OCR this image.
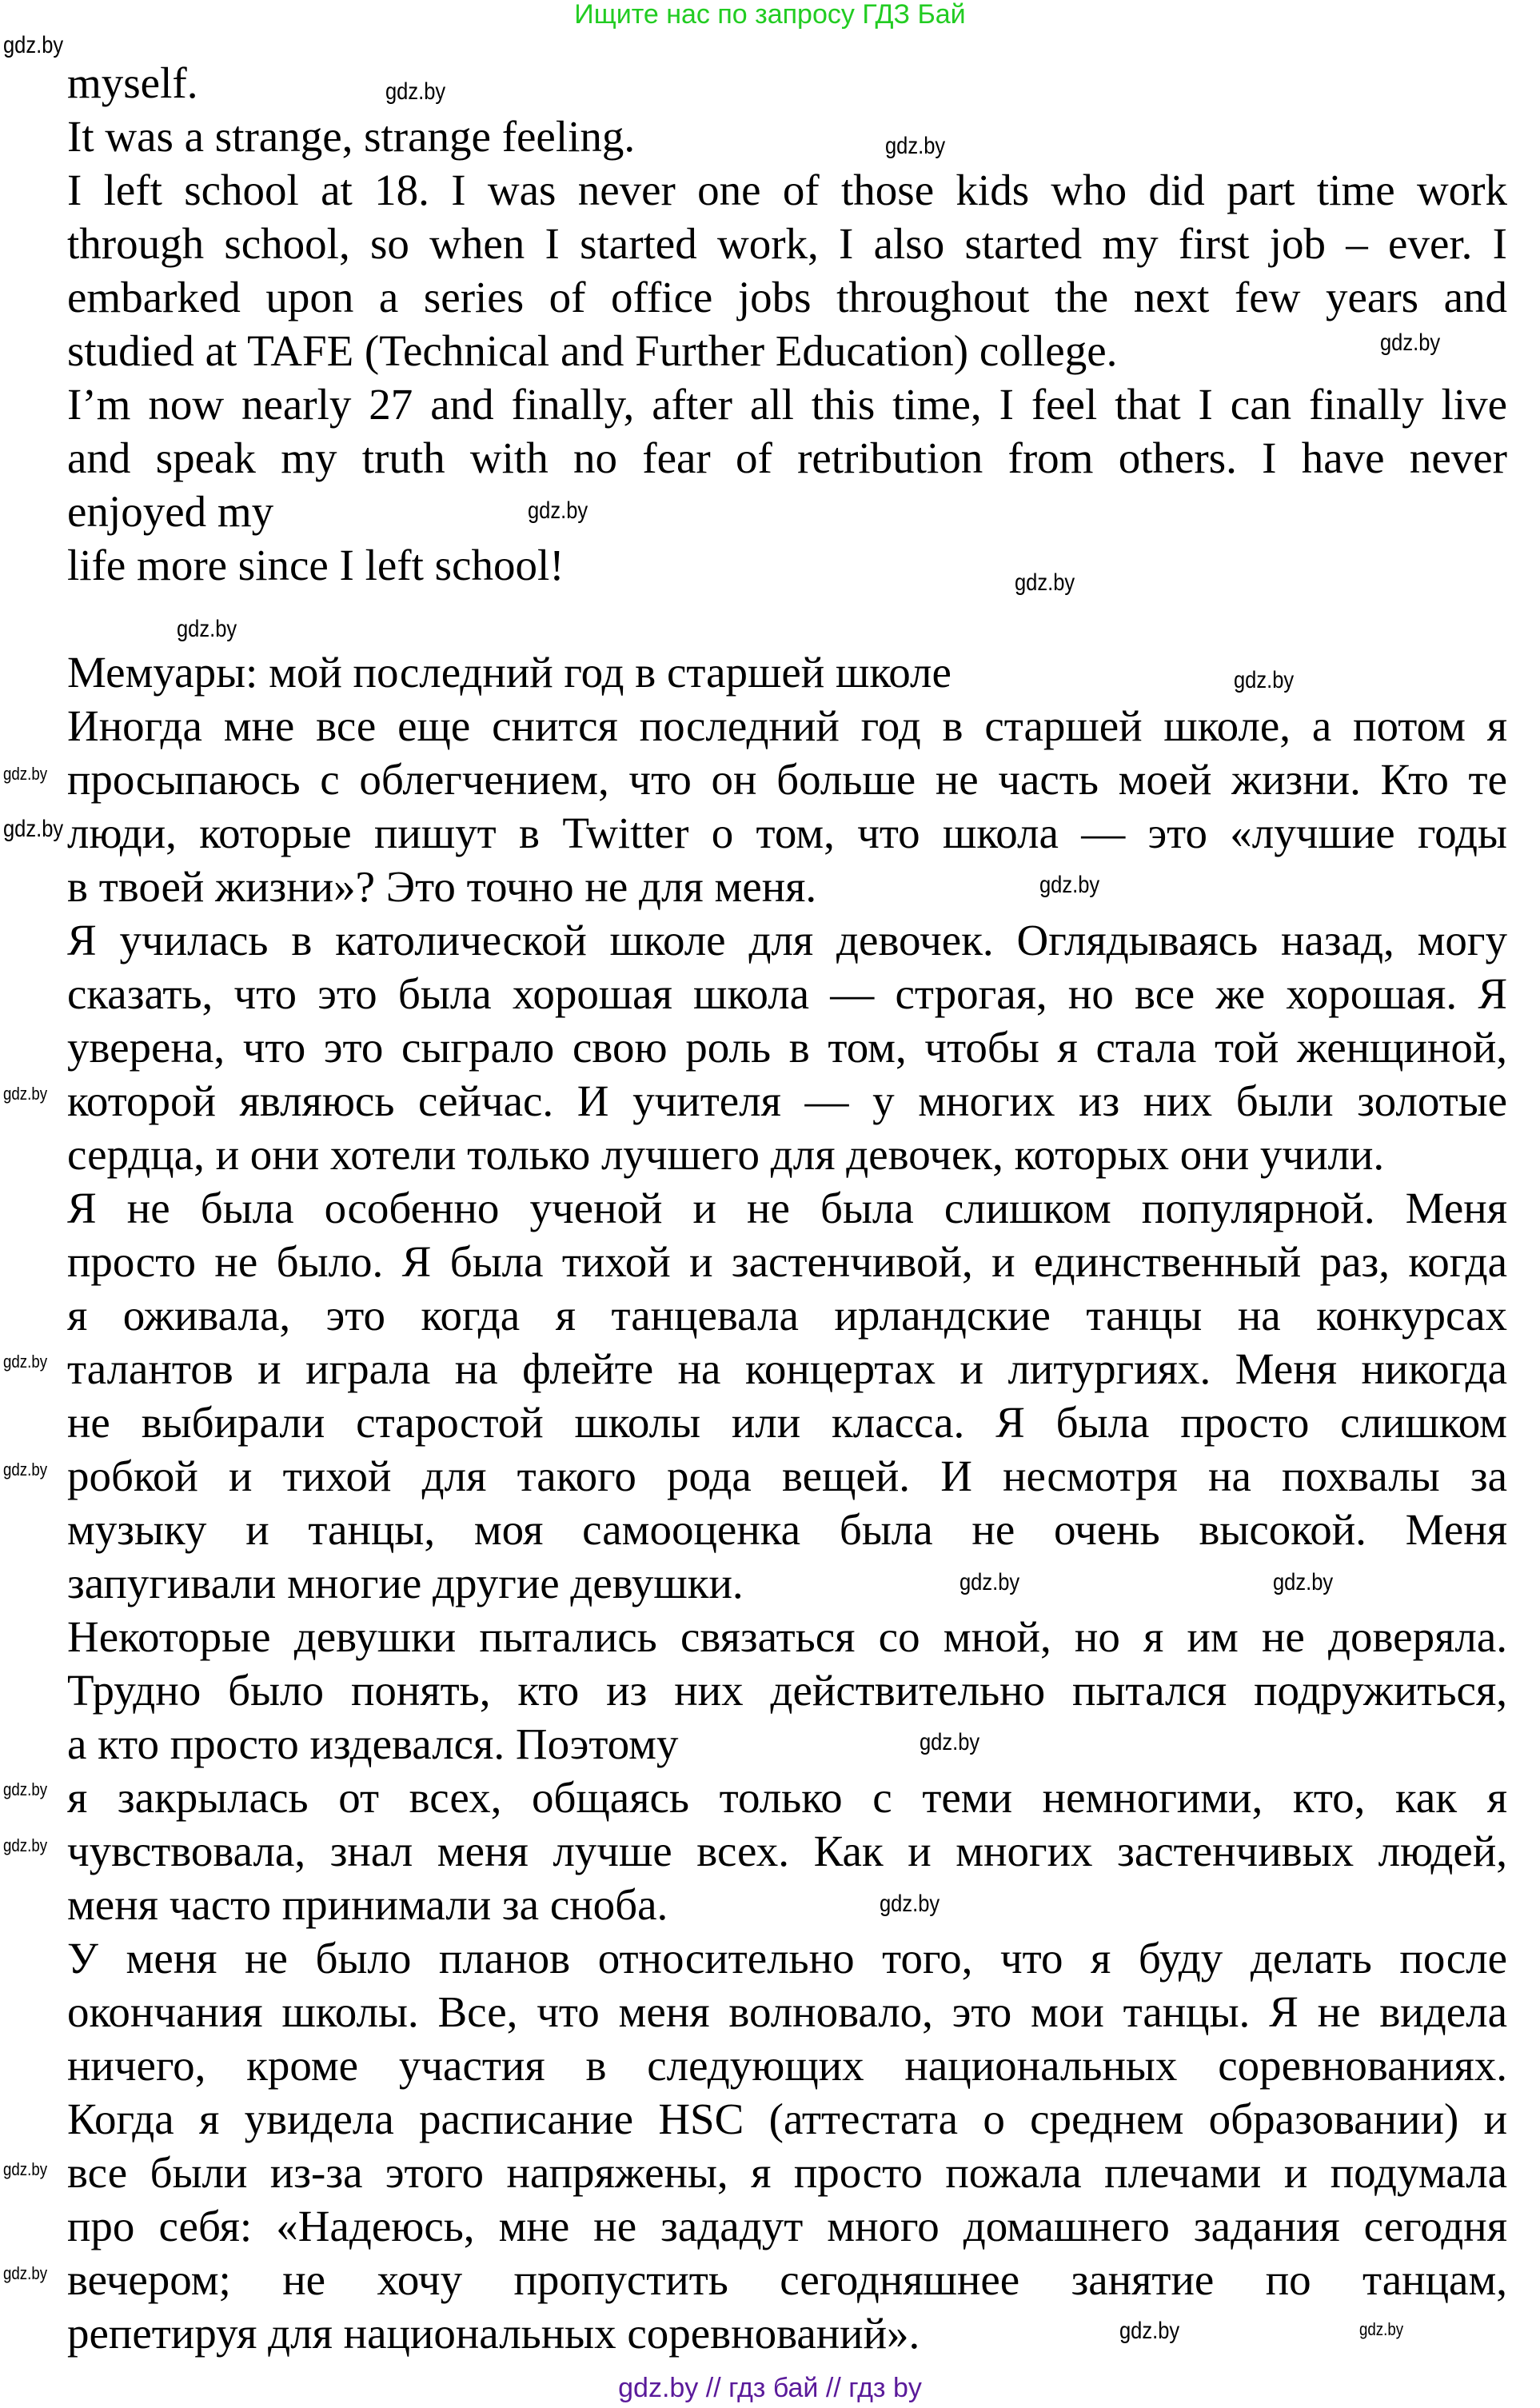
Ищите нас по запросу ГДЗ Бай
myself.
It was a strange, strange feeling.
I left school at 18. I was never one of those kids who did part time work
through school, so when I started work, I also started my first job – ever. I
embarked upon a series of office jobs throughout the next few years and
studied at TAFE (Technical and Further Education) college.
I’m now nearly 27 and finally, after all this time, I feel that I can finally live
and speak my truth with no fear of retribution from others. I have never
enjoyed my
life more since I left school!
Мемуары: мой последний год в старшей школе
Иногда мне все еще снится последний год в старшей школе, а потом я
просыпаюсь с облегчением, что он больше не часть моей жизни. Кто те
люди, которые пишут в Twitter о том, что школа — это «лучшие годы
в твоей жизни»? Это точно не для меня.
Я училась в католической школе для девочек. Оглядываясь назад, могу
сказать, что это была хорошая школа — строгая, но все же хорошая. Я
уверена, что это сыграло свою роль в том, чтобы я стала той женщиной,
которой являюсь сейчас. И учителя — у многих из них были золотые
сердца, и они хотели только лучшего для девочек, которых они учили.
Я не была особенно ученой и не была слишком популярной. Меня
просто не было. Я была тихой и застенчивой, и единственный раз, когда
я оживала, это когда я танцевала ирландские танцы на конкурсах
талантов и играла на флейте на концертах и литургиях. Меня никогда
не выбирали старостой школы или класса. Я была просто слишком
робкой и тихой для такого рода вещей. И несмотря на похвалы за
музыку и танцы, моя самооценка была не очень высокой. Меня
запугивали многие другие девушки.
Некоторые девушки пытались связаться со мной, но я им не доверяла.
Трудно было понять, кто из них действительно пытался подружиться,
а кто просто издевался. Поэтому
я закрылась от всех, общаясь только с теми немногими, кто, как я
чувствовала, знал меня лучше всех. Как и многих застенчивых людей,
меня часто принимали за сноба.
У меня не было планов относительно того, что я буду делать после
окончания школы. Все, что меня волновало, это мои танцы. Я не видела
ничего, кроме участия в следующих национальных соревнованиях.
Когда я увидела расписание HSC (аттестата о среднем образовании) и
все были из-за этого напряжены, я просто пожала плечами и подумала
про себя: «Надеюсь, мне не зададут много домашнего задания сегодня
вечером; не хочу пропустить сегодняшнее занятие по танцам,
репетируя для национальных соревнований».
gdz.by
gdz.by
gdz.by
gdz.by
gdz.by
gdz.by
gdz.by
gdz.by
gdz.by
gdz.by
gdz.by
gdz.by
gdz.by
gdz.by
gdz.by	gdz.by
gdz.by
gdz.by
gdz.by
gdz.by
gdz.by
gdz.by
gdz.by
gdz.by
gdz.by // гдз бай // гдз by
